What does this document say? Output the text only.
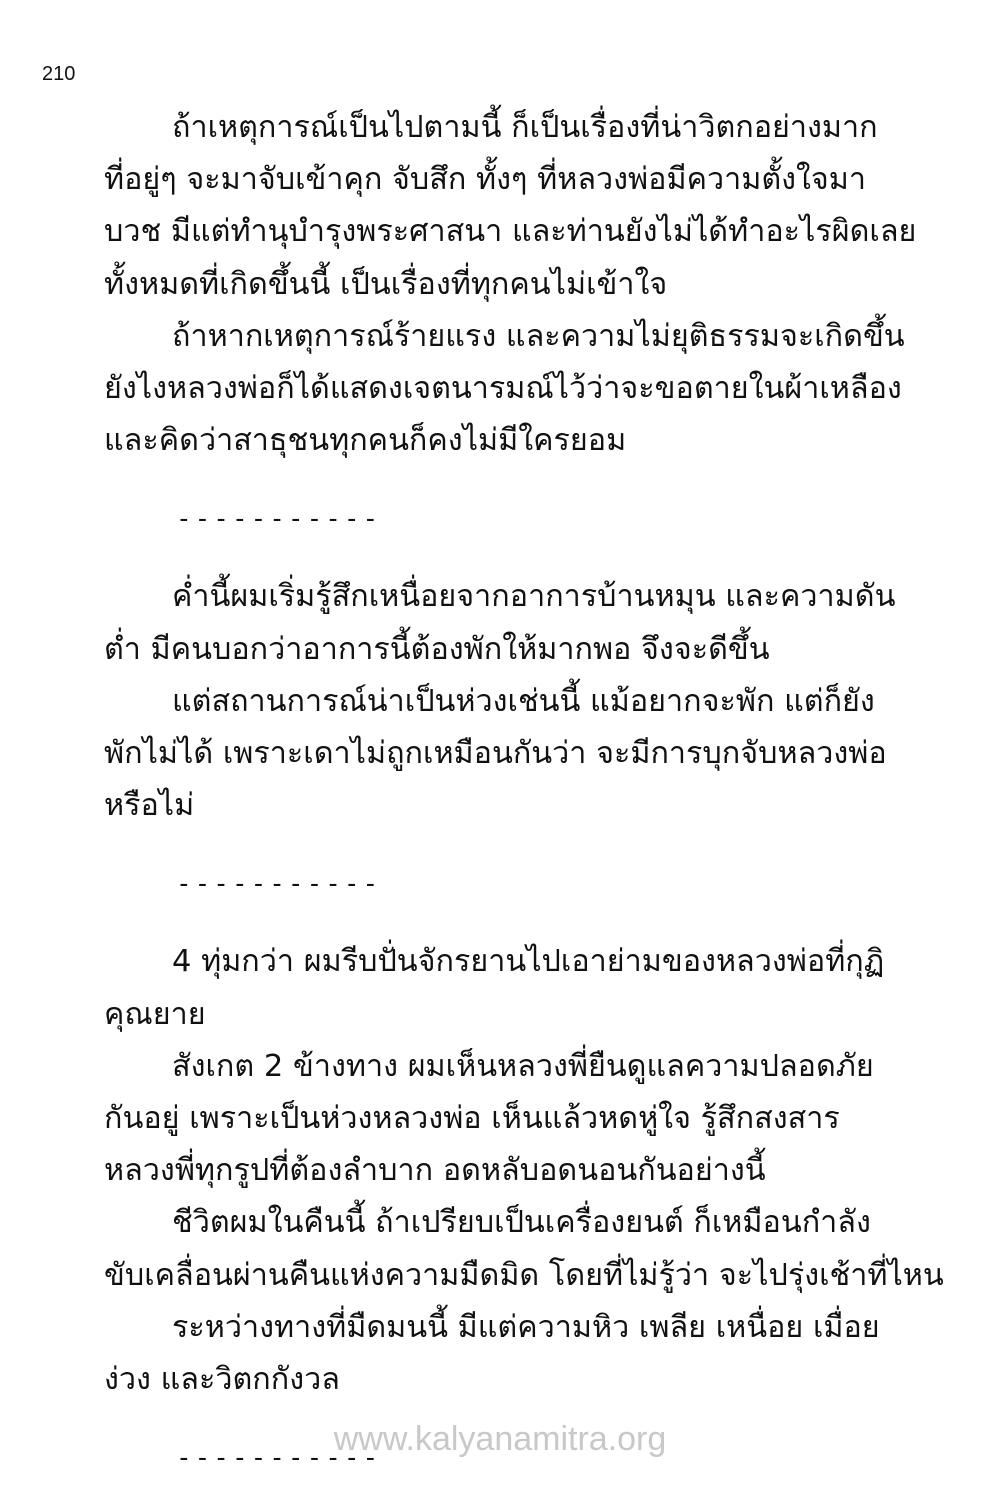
210

ถ้าเหตุการณ์เป็นไปตามนี้ ก็เป็นเรื่องที่น่าวิตกอย่างมาก
ที่อยู่ๆ จะมาจับเข้าคุก จับสึก ทั้งๆ ที่หลวงพ่อมีความตั้งใจมา
บวช มีแต่ทำนุบำรุงพระศาสนา และท่านยังไม่ได้ทำอะไรผิดเลย
ทั้งหมดที่เกิดขึ้นนี้ เป็นเรื่องที่ทุกคนไม่เข้าใจ

ถ้าหากเหตุการณ์ร้ายแรง และความไม่ยุติธรรมจะเกิดขึ้น
ยังไงหลวงพ่อก็ได้แสดงเจตนารมณ์ไว้ว่าจะขอตายในผ้าเหลือง
และคิดว่าสาธุชนทุกคนก็คงไม่มีใครยอม

-----------

ค่ำนี้ผมเริ่มรู้สึกเหนื่อยจากอาการบ้านหมุน และความดัน
ต่ำ มีคนบอกว่าอาการนี้ต้องพักให้มากพอ จึงจะดีขึ้น

แต่สถานการณ์น่าเป็นห่วงเช่นนี้ แม้อยากจะพัก แต่ก็ยัง
พักไม่ได้ เพราะเดาไม่ถูกเหมือนกันว่า จะมีการบุกจับหลวงพ่อ
หรือไม่

-----------

4 ทุ่มกว่า ผมรีบปั่นจักรยานไปเอาย่ามของหลวงพ่อที่กุฏิ
คุณยาย

สังเกต 2 ข้างทาง ผมเห็นหลวงพี่ยืนดูแลความปลอดภัย
กันอยู่ เพราะเป็นห่วงหลวงพ่อ เห็นแล้วหดหู่ใจ รู้สึกสงสาร
หลวงพี่ทุกรูปที่ต้องลำบาก อดหลับอดนอนกันอย่างนี้

ชีวิตผมในคืนนี้ ถ้าเปรียบเป็นเครื่องยนต์ ก็เหมือนกำลัง
ขับเคลื่อนผ่านคืนแห่งความมืดมิด โดยที่ไม่รู้ว่า จะไปรุ่งเช้าที่ไหน

ระหว่างทางที่มืดมนนี้ มีแต่ความหิว เพลีย เหนื่อย เมื่อย
ง่วง และวิตกกังวล

-----------
www.kalyanamitra.org
